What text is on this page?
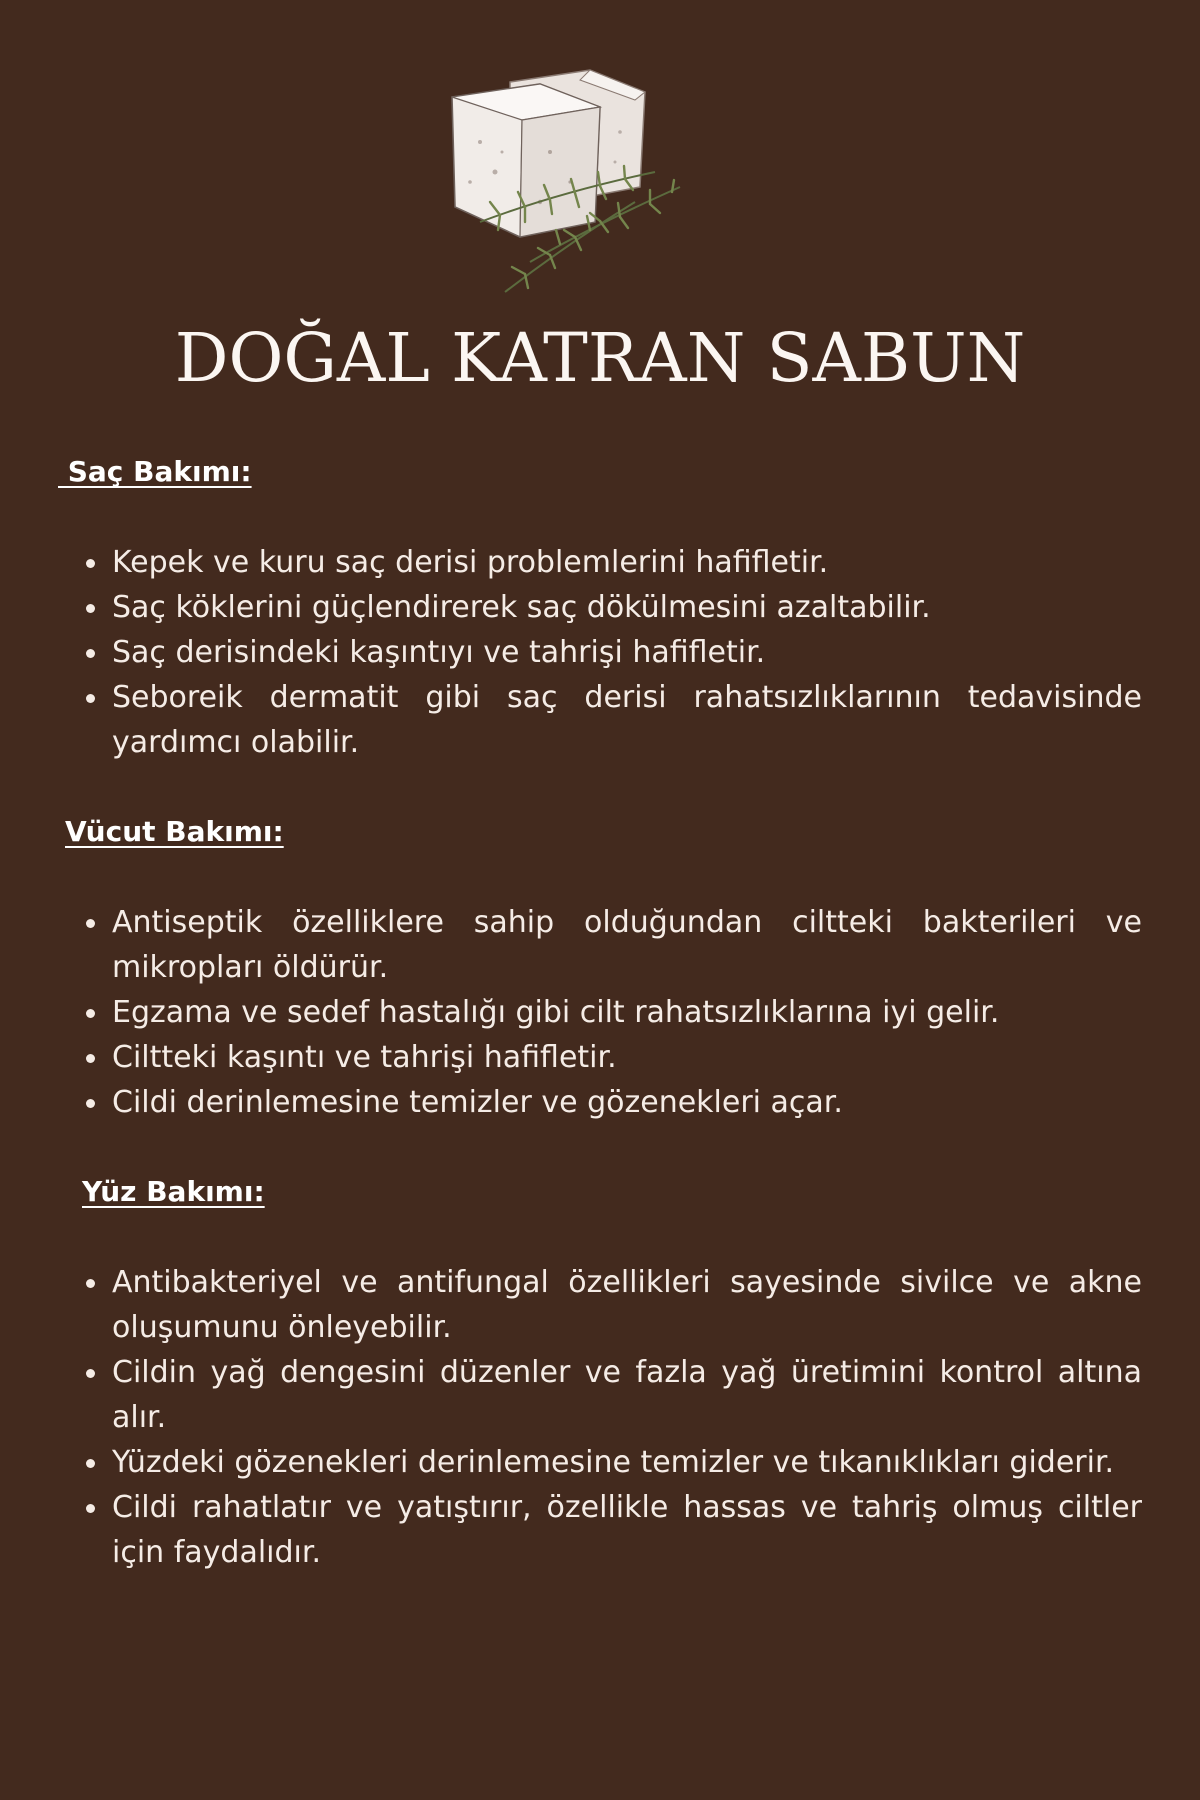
DOĞAL KATRAN SABUN
Saç Bakımı:
Kepek ve kuru saç derisi problemlerini hafifletir.
Saç köklerini güçlendirerek saç dökülmesini azaltabilir.
Saç derisindeki kaşıntıyı ve tahrişi hafifletir.
Seboreik dermatit gibi saç derisi rahatsızlıklarının tedavisinde yardımcı olabilir.
Vücut Bakımı:
Antiseptik özelliklere sahip olduğundan ciltteki bakterileri ve mikropları öldürür.
Egzama ve sedef hastalığı gibi cilt rahatsızlıklarına iyi gelir.
Ciltteki kaşıntı ve tahrişi hafifletir.
Cildi derinlemesine temizler ve gözenekleri açar.
Yüz Bakımı:
Antibakteriyel ve antifungal özellikleri sayesinde sivilce ve akne oluşumunu önleyebilir.
Cildin yağ dengesini düzenler ve fazla yağ üretimini kontrol altına alır.
Yüzdeki gözenekleri derinlemesine temizler ve tıkanıklıkları giderir.
Cildi rahatlatır ve yatıştırır, özellikle hassas ve tahriş olmuş ciltler için faydalıdır.
